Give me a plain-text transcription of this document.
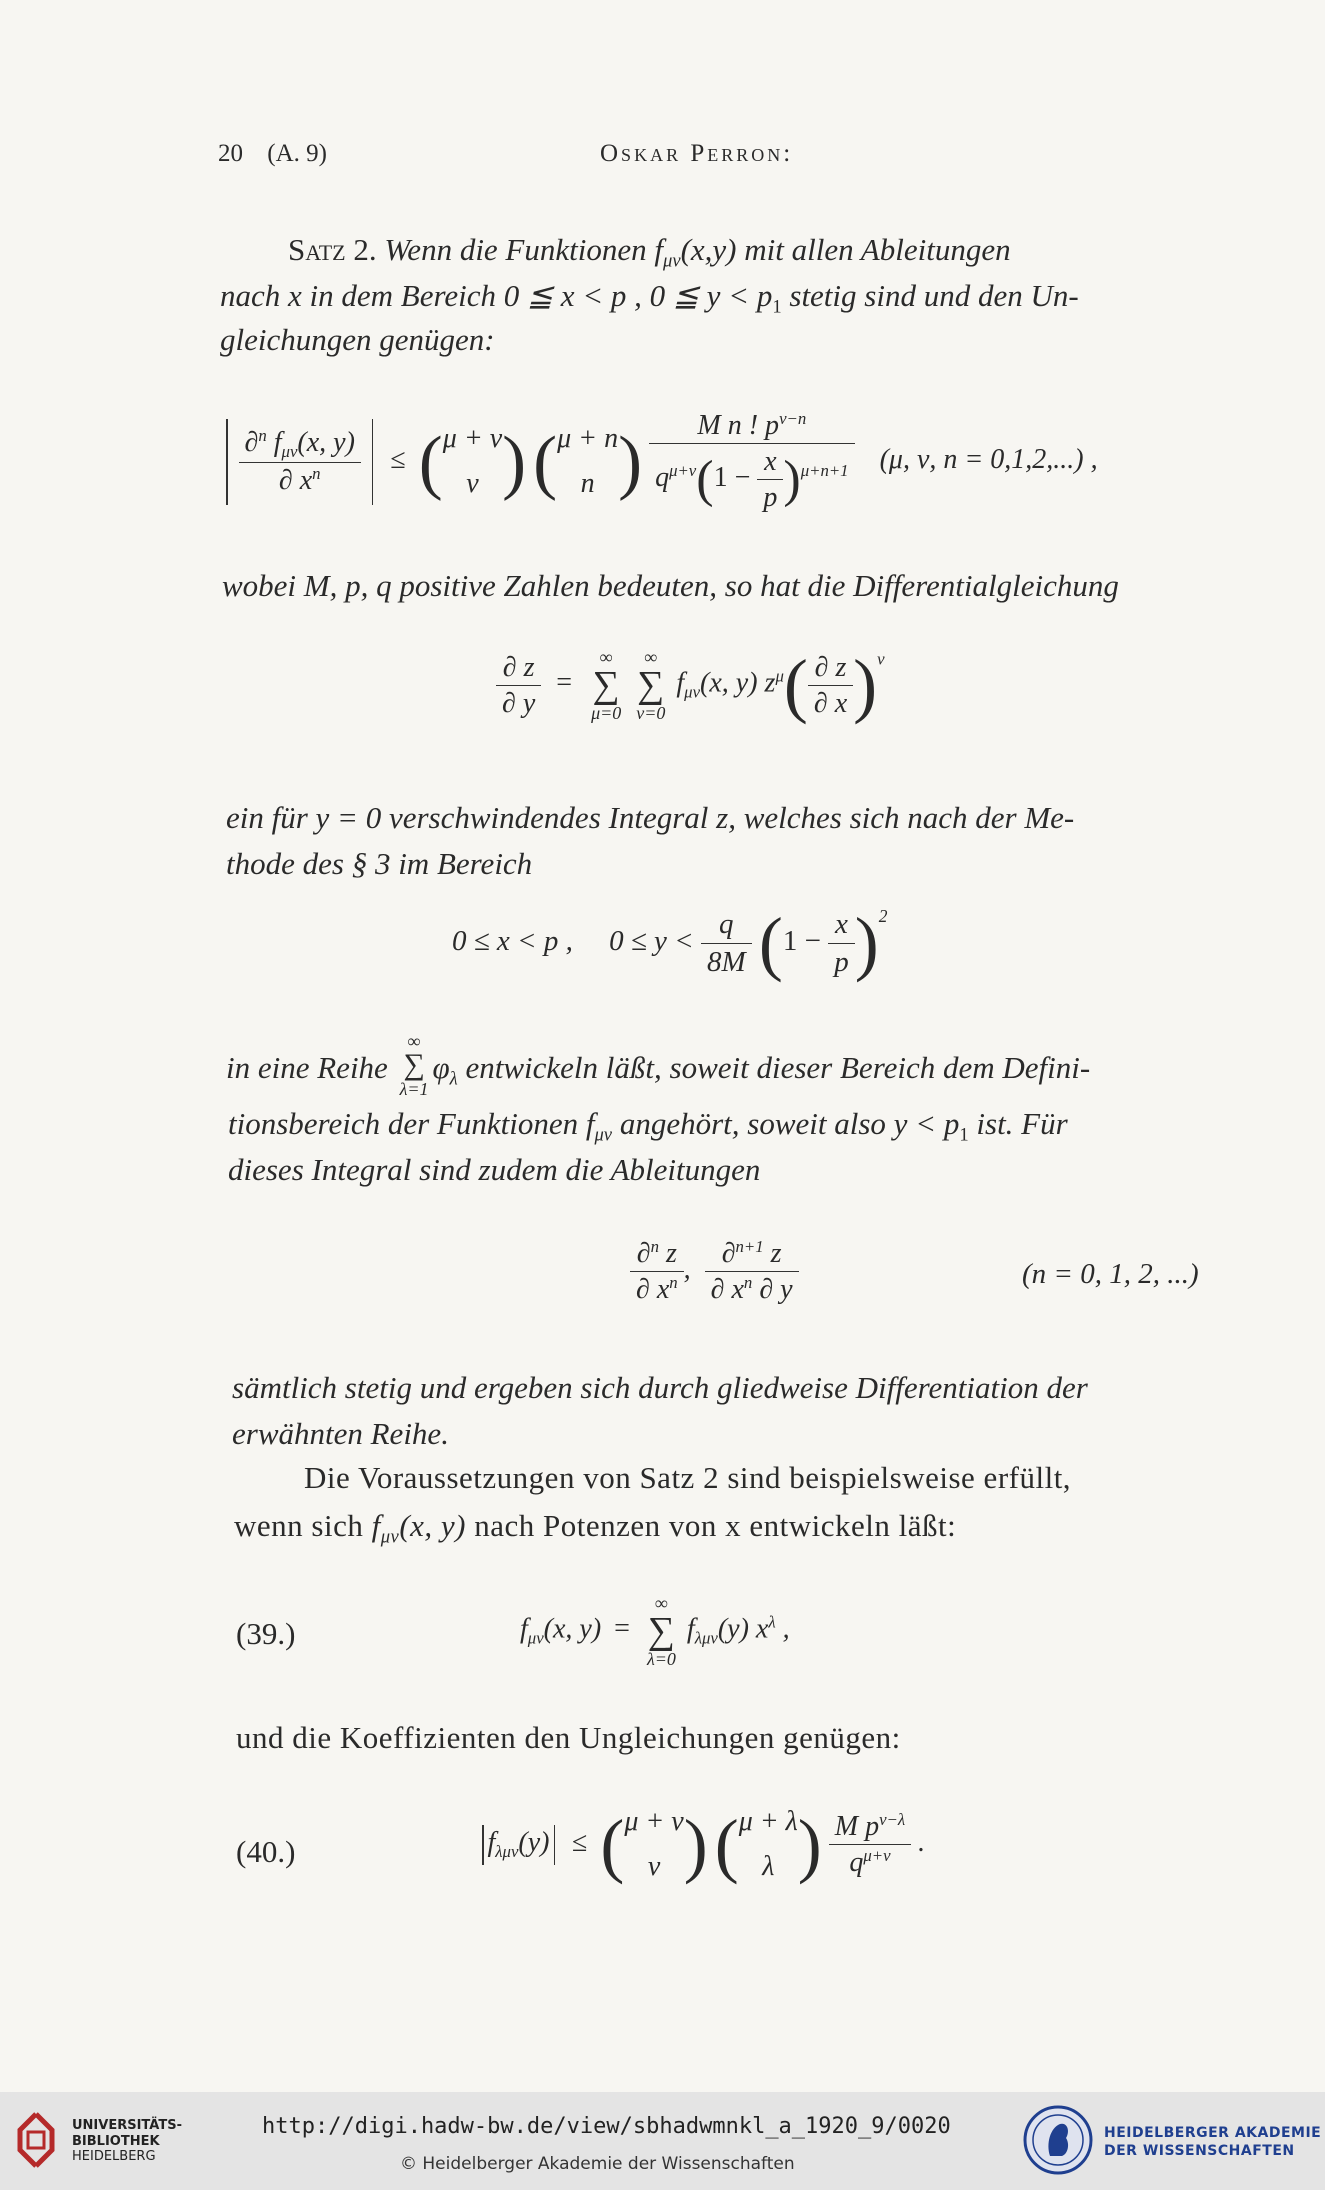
20 (A. 9)	Oskar Perron:
Satz 2. Wenn die Funktionen $f_{\mu\nu}(x,y)$ mit allen Ableitungen
nach x in dem Bereich 0 ≦ x < p , 0 ≦ $y < p_1$ stetig sind und den Un-
gleichungen genügen:

$\frac{\partial^n f_{\mu\nu}(x, y)}{\partial x^n}$ ≤ ( μ + ν
ν ) ( μ + n
n ) $\frac{M n ! p^{\nu-n}}{q^{\mu+\nu}(1 - \frac{x}{p} )^{\mu+n+1}} (\mu$, ν, n = 0,1,2,...) ,
wobei M, p, q positive Zahlen bedeuten, so hat die Differentialgleichung
$\frac{\partial z}{\partial y}$ =
∞
∑
μ=0

∞
∑
ν=0
$f_{\mu\nu}(x$, y) $z^\mu( \frac{\partial z}{\partial x} )^\nu$
ein für y = 0 verschwindendes Integral z, welches sich nach der Me-
thode des § 3 im Bereich
0 ≤ x < p ,     $0 \le y < \frac{q}{8M} (1 - \frac{x}{p} )^2$
in eine Reihe
∞
∑
λ=1
$\varphi_\lambda$ entwickeln läßt, soweit dieser Bereich dem Defini-
tionsbereich der Funktionen $f_{\mu\nu}$ angehört, soweit also $y < p_1$ ist. Für
dieses Integral sind zudem die Ableitungen
$\frac{\partial^n z}{\partial x^n}$ , $\frac{\partial^{n+1} z}{\partial x^n \partial y}$	(n = 0, 1, 2, ...)
sämtlich stetig und ergeben sich durch gliedweise Differentiation der
erwähnten Reihe.
Die Voraussetzungen von Satz 2 sind beispielsweise erfüllt,
wenn sich $f_{\mu\nu}(x$, y) nach Potenzen von x entwickeln läßt:
(39.)	$f_{\mu\nu}(x$, y) =
∞
∑
λ=0
$f_{\lambda\mu\nu}(y)$ $x^\lambda$ ,
und die Koeffizienten den Ungleichungen genügen:
(40.)	$f_{\lambda\mu\nu}(y)$ ≤ ( μ + ν
ν ) ( μ + λ
λ ) $\frac{M p^{\nu-\lambda}}{q^{\mu+\nu}}$ .
UNIVERSITÄTS-
BIBLIOTHEK
HEIDELBERG
http://digi.hadw-bw.de/view/sbhadwmnkl_a_1920_9/0020
© Heidelberger Akademie der Wissenschaften
HEIDELBERGER AKADEMIE
DER WISSENSCHAFTEN
